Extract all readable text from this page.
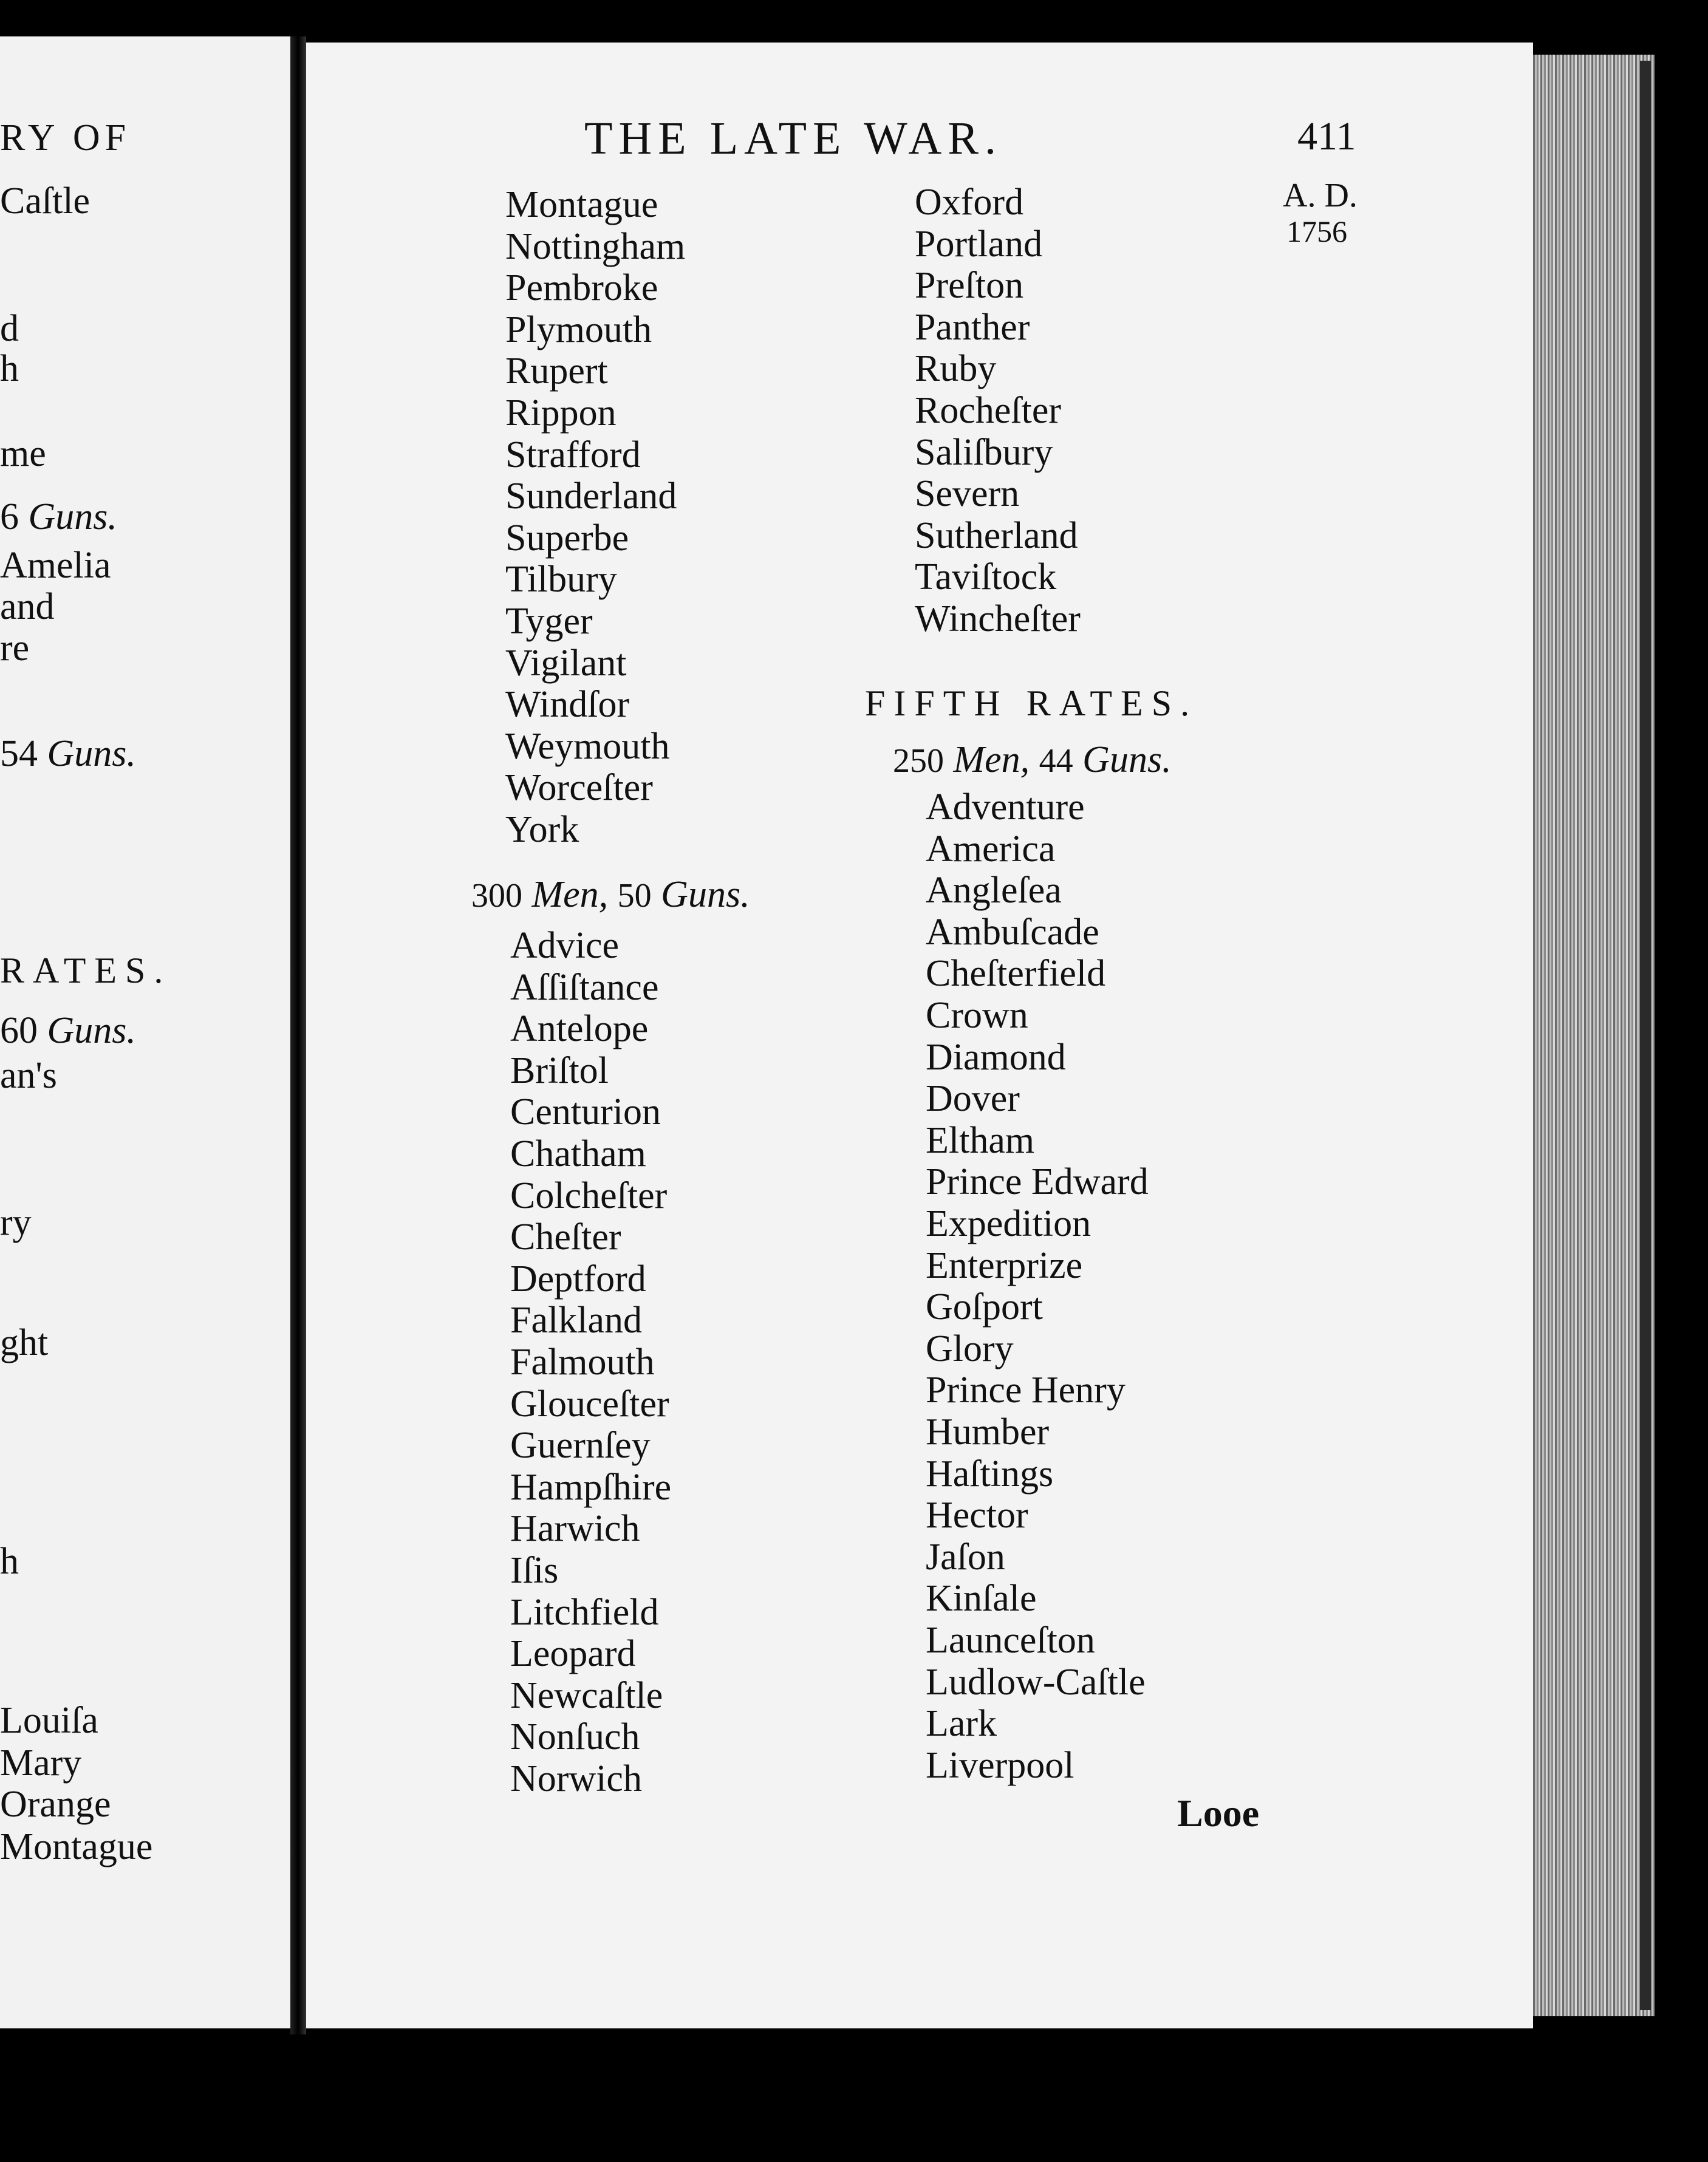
RY OF
Caſtle
d
h
me
6 Guns.
Amelia
and
re
54 Guns.
RATES.
60 Guns.
an's
ry
ght
h
Louiſa
Mary
Orange
Montague
THE LATE WAR.	411
A. D.
1756
Montague
Nottingham
Pembroke
Plymouth
Rupert
Rippon
Strafford
Sunderland
Superbe
Tilbury
Tyger
Vigilant
Windſor
Weymouth
Worceſter
York
300 Men, 50 Guns.
Advice
Aſſiſtance
Antelope
Briſtol
Centurion
Chatham
Colcheſter
Cheſter
Deptford
Falkland
Falmouth
Glouceſter
Guernſey
Hampſhire
Harwich
Iſis
Litchfield
Leopard
Newcaſtle
Nonſuch
Norwich
Oxford
Portland
Preſton
Panther
Ruby
Rocheſter
Saliſbury
Severn
Sutherland
Taviſtock
Wincheſter
FIFTH RATES.
250 Men, 44 Guns.
Adventure
America
Angleſea
Ambuſcade
Cheſterfield
Crown
Diamond
Dover
Eltham
Prince Edward
Expedition
Enterprize
Goſport
Glory
Prince Henry
Humber
Haſtings
Hector
Jaſon
Kinſale
Launceſton
Ludlow-Caſtle
Lark
Liverpool
Looe
